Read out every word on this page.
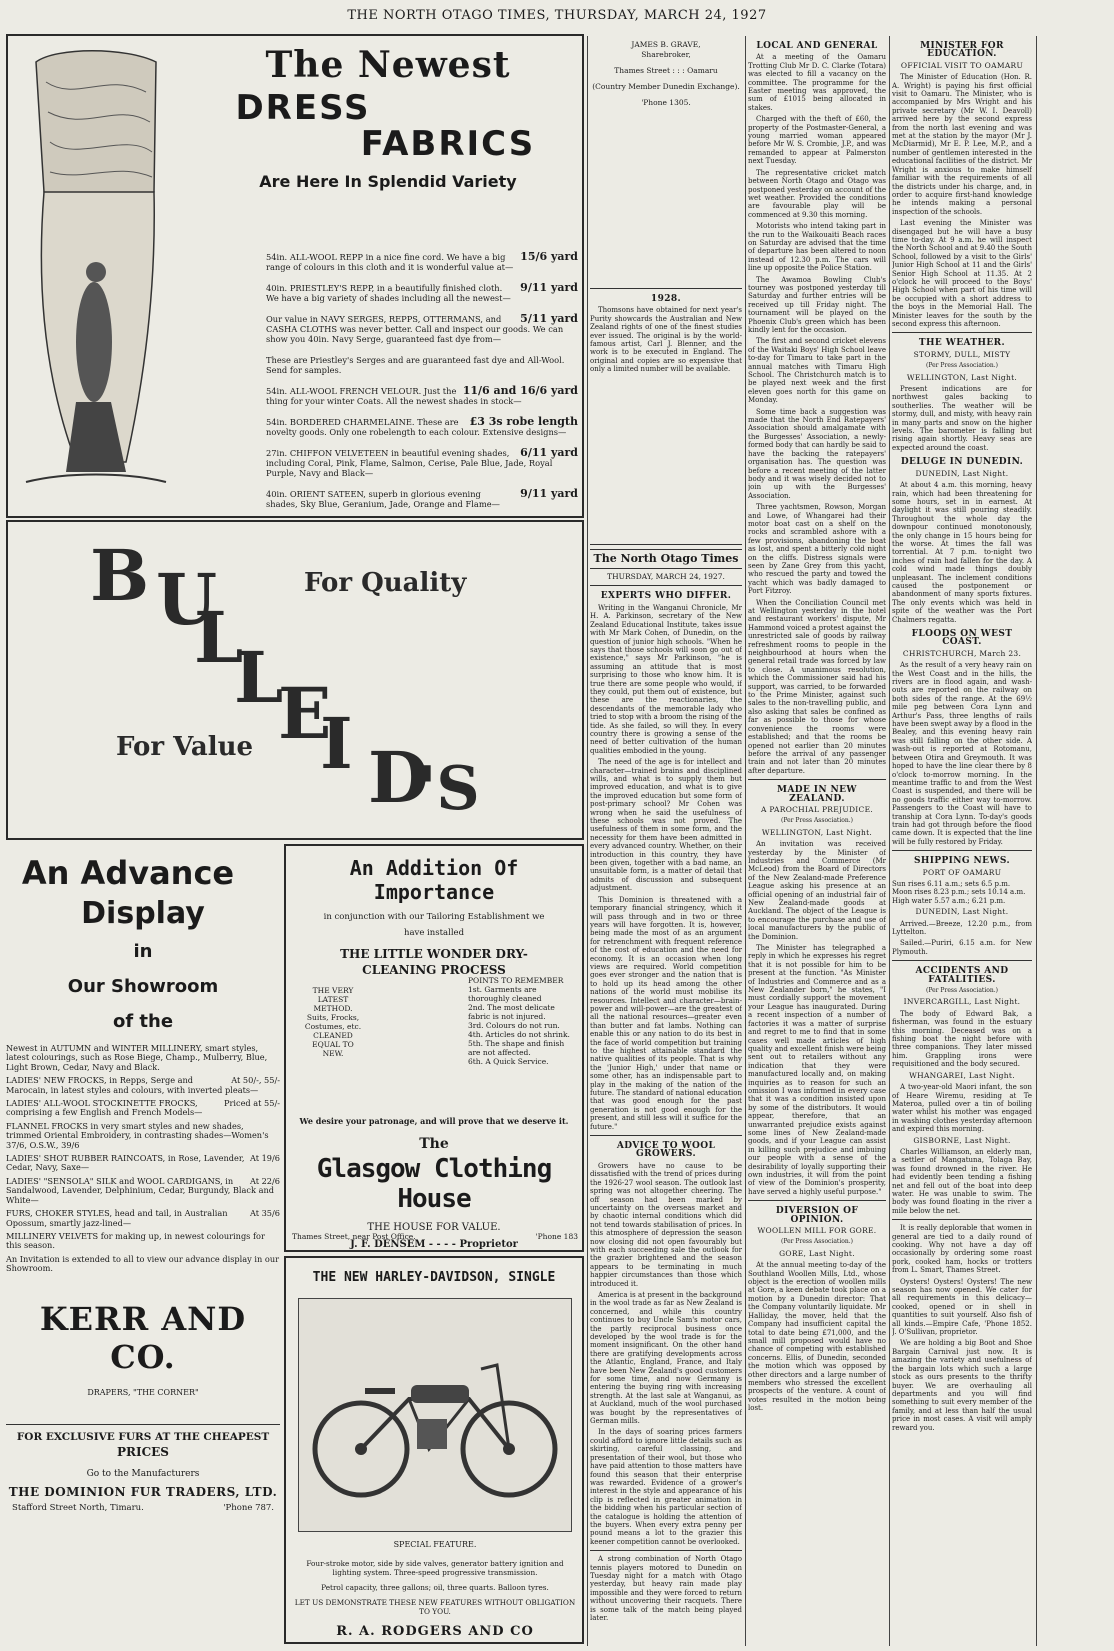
THE NORTH OTAGO TIMES, THURSDAY, MARCH 24, 1927
The Newest
DRESS
FABRICS
Are Here In Splendid Variety
15/6 yard
54in. ALL-WOOL REPP in a nice fine cord. We have a big range of colours in this cloth and it is wonderful value at—
9/11 yard
40in. PRIESTLEY'S REPP, in a beautifully finished cloth. We have a big variety of shades including all the newest—
5/11 yard
Our value in NAVY SERGES, REPPS, OTTERMANS, and CASHA CLOTHS was never better. Call and inspect our goods. We can show you 40in. Navy Serge, guaranteed fast dye from—
These are Priestley's Serges and are guaranteed fast dye and All-Wool. Send for samples.
11/6 and 16/6 yard
54in. ALL-WOOL FRENCH VELOUR. Just the thing for your winter Coats. All the newest shades in stock—
£3 3s robe length
54in. BORDERED CHARMELAINE. These are novelty goods. Only one robelength to each colour. Extensive designs—
6/11 yard
27in. CHIFFON VELVETEEN in beautiful evening shades, including Coral, Pink, Flame, Salmon, Cerise, Pale Blue, Jade, Royal Purple, Navy and Black—
9/11 yard
40in. ORIENT SATEEN, superb in glorious evening shades, Sky Blue, Geranium, Jade, Orange and Flame—
B U
L
L
E
I D
'S
For Quality
For Value
An Advance
Display
in
Our Showroom
of the
Newest in AUTUMN and WINTER MILLINERY, smart styles, latest colourings, such as Rose Biege, Champ., Mulberry, Blue, Light Brown, Cedar, Navy and Black.
At 50/-, 55/-
LADIES' NEW FROCKS, in Repps, Serge and Marocain, in latest styles and colours, with inverted pleats—
Priced at 55/-
LADIES' ALL-WOOL STOCKINETTE FROCKS, comprising a few English and French Models—
FLANNEL FROCKS in very smart styles and new shades, trimmed Oriental Embroidery, in contrasting shades—Women's 37/6, O.S.W., 39/6
At 19/6
LADIES' SHOT RUBBER RAINCOATS, in Rose, Lavender, Cedar, Navy, Saxe—
At 22/6
LADIES' "SENSOLA" SILK and WOOL CARDIGANS, in Sandalwood, Lavender, Delphinium, Cedar, Burgundy, Black and White—
At 35/6
FURS, CHOKER STYLES, head and tail, in Australian Opossum, smartly jazz-lined—
MILLINERY VELVETS for making up, in newest colourings for this season.
An Invitation is extended to all to view our advance display in our Showroom.
KERR AND CO.
DRAPERS, "THE CORNER"
FOR EXCLUSIVE FURS AT THE CHEAPEST
PRICES
Go to the Manufacturers
THE DOMINION FUR TRADERS, LTD.
Stafford Street North, Timaru.	'Phone 787.
An Addition Of Importance
in conjunction with our Tailoring Establishment we
have installed
THE LITTLE WONDER DRY-CLEANING PROCESS
THE VERY LATEST METHOD. Suits, Frocks, Costumes, etc. CLEANED EQUAL TO NEW.
POINTS TO REMEMBER
1st. Garments are thoroughly cleaned
2nd. The most delicate fabric is not injured.
3rd. Colours do not run.
4th. Articles do not shrink.
5th. The shape and finish are not affected.
6th. A Quick Service.
We desire your patronage, and will prove that we deserve it.
The
Glasgow Clothing House
THE HOUSE FOR VALUE.
J. F. DENSEM - - - - Proprietor
Thames Street, near Post Office.	'Phone 183
THE NEW HARLEY-DAVIDSON, SINGLE
SPECIAL FEATURE.
Four-stroke motor, side by side valves, generator battery ignition and lighting system. Three-speed progressive transmission.
Petrol capacity, three gallons; oil, three quarts. Balloon tyres.
LET US DEMONSTRATE THESE NEW FEATURES WITHOUT OBLIGATION TO YOU.
R. A. RODGERS AND CO
JAMES B. GRAVE,
Sharebroker,
Thames Street : : : Oamaru
(Country Member Dunedin Exchange).
'Phone 1305.
1928.

Thomsons have obtained for next year's Purity showcards the Australian and New Zealand rights of one of the finest studies ever issued. The original is by the world-famous artist, Carl J. Blenner, and the work is to be executed in England. The original and copies are so expensive that only a limited number will be available.

The North Otago Times
THURSDAY, MARCH 24, 1927.
EXPERTS WHO DIFFER.

Writing in the Wanganui Chronicle, Mr H. A. Parkinson, secretary of the New Zealand Educational Institute, takes issue with Mr Mark Cohen, of Dunedin, on the question of junior high schools. "When he says that those schools will soon go out of existence," says Mr Parkinson, "he is assuming an attitude that is most surprising to those who know him. It is true there are some people who would, if they could, put them out of existence, but these are the reactionaries, the descendants of the memorable lady who tried to stop with a broom the rising of the tide. As she failed, so will they. In every country there is growing a sense of the need of better cultivation of the human qualities embodied in the young.

The need of the age is for intellect and character—trained brains and disciplined wills, and what is to supply them but improved education, and what is to give the improved education but some form of post-primary school? Mr Cohen was wrong when he said the usefulness of these schools was not proved. The usefulness of them in some form, and the necessity for them have been admitted in every advanced country. Whether, on their introduction in this country, they have been given, together with a bad name, an unsuitable form, is a matter of detail that admits of discussion and subsequent adjustment.

This Dominion is threatened with a temporary financial stringency, which it will pass through and in two or three years will have forgotten. It is, however, being made the most of as an argument for retrenchment with frequent reference of the cost of education and the need for economy. It is an occasion when long views are required. World competition goes ever stronger and the nation that is to hold up its head among the other nations of the world must mobilise its resources. Intellect and character—brain-power and will-power—are the greatest of all the national resources—greater even than butter and fat lambs. Nothing can enable this or any nation to do its best in the face of world competition but training to the highest attainable standard the native qualities of its people. That is why the 'Junior High,' under that name or some other, has an indispensable part to play in the making of the nation of the future. The standard of national education that was good enough for the past generation is not good enough for the present, and still less will it suffice for the future."

ADVICE TO WOOL GROWERS.

Growers have no cause to be dissatisfied with the trend of prices during the 1926-27 wool season. The outlook last spring was not altogether cheering. The off season had been marked by uncertainty on the overseas market and by chaotic internal conditions which did not tend towards stabilisation of prices. In this atmosphere of depression the season now closing did not open favourably but with each succeeding sale the outlook for the grazier brightened and the season appears to be terminating in much happier circumstances than those which introduced it.

America is at present in the background in the wool trade as far as New Zealand is concerned, and while this country continues to buy Uncle Sam's motor cars, the partly reciprocal business once developed by the wool trade is for the moment insignificant. On the other hand there are gratifying developments across the Atlantic, England, France, and Italy have been New Zealand's good customers for some time, and now Germany is entering the buying ring with increasing strength. At the last sale at Wanganui, as at Auckland, much of the wool purchased was bought by the representatives of German mills.

In the days of soaring prices farmers could afford to ignore little details such as skirting, careful classing, and presentation of their wool, but those who have paid attention to those matters have found this season that their enterprise was rewarded. Evidence of a grower's interest in the style and appearance of his clip is reflected in greater animation in the bidding when his particular section of the catalogue is holding the attention of the buyers. When every extra penny per pound means a lot to the grazier this keener competition cannot be overlooked.

A strong combination of North Otago tennis players motored to Dunedin on Tuesday night for a match with Otago yesterday, but heavy rain made play impossible and they were forced to return without uncovering their racquets. There is some talk of the match being played later.

LOCAL AND GENERAL

At a meeting of the Oamaru Trotting Club Mr D. C. Clarke (Totara) was elected to fill a vacancy on the committee. The programme for the Easter meeting was approved, the sum of £1015 being allocated in stakes.

Charged with the theft of £60, the property of the Postmaster-General, a young married woman appeared before Mr W. S. Crombie, J.P., and was remanded to appear at Palmerston next Tuesday.

The representative cricket match between North Otago and Otago was postponed yesterday on account of the wet weather. Provided the conditions are favourable play will be commenced at 9.30 this morning.

Motorists who intend taking part in the run to the Waikouaiti Beach races on Saturday are advised that the time of departure has been altered to noon instead of 12.30 p.m. The cars will line up opposite the Police Station.

The Awamoa Bowling Club's tourney was postponed yesterday till Saturday and further entries will be received up till Friday night. The tournament will be played on the Phoenix Club's green which has been kindly lent for the occasion.

The first and second cricket elevens of the Waitaki Boys' High School leave to-day for Timaru to take part in the annual matches with Timaru High School. The Christchurch match is to be played next week and the first eleven goes north for this game on Monday.

Some time back a suggestion was made that the North End Ratepayers' Association should amalgamate with the Burgesses' Association, a newly-formed body that can hardly be said to have the backing the ratepayers' organisation has. The question was before a recent meeting of the latter body and it was wisely decided not to join up with the Burgesses' Association.

Three yachtsmen, Rowson, Morgan and Lowe, of Whangarei had their motor boat cast on a shelf on the rocks and scrambled ashore with a few provisions, abandoning the boat as lost, and spent a bitterly cold night on the cliffs. Distress signals were seen by Zane Grey from this yacht, who rescued the party and towed the yacht which was badly damaged to Port Fitzroy.

When the Conciliation Council met at Wellington yesterday in the hotel and restaurant workers' dispute, Mr Hammond voiced a protest against the unrestricted sale of goods by railway refreshment rooms to people in the neighbourhood at hours when the general retail trade was forced by law to close. A unanimous resolution, which the Commissioner said had his support, was carried, to be forwarded to the Prime Minister, against such sales to the non-travelling public, and also asking that sales be confined as far as possible to those for whose convenience the rooms were established; and that the rooms be opened not earlier than 20 minutes before the arrival of any passenger train and not later than 20 minutes after departure.

MADE IN NEW ZEALAND.
A PAROCHIAL PREJUDICE.
(Per Press Association.)
WELLINGTON, Last Night.

An invitation was received yesterday by the Minister of Industries and Commerce (Mr McLeod) from the Board of Directors of the New Zealand-made Preference League asking his presence at an official opening of an industrial fair of New Zealand-made goods at Auckland. The object of the League is to encourage the purchase and use of local manufacturers by the public of the Dominion.

The Minister has telegraphed a reply in which he expresses his regret that it is not possible for him to be present at the function. "As Minister of Industries and Commerce and as a New Zealander born," he states, "I must cordially support the movement your League has inaugurated. During a recent inspection of a number of factories it was a matter of surprise and regret to me to find that in some cases well made articles of high quality and excellent finish were being sent out to retailers without any indication that they were manufactured locally and, on making inquiries as to reason for such an omission I was informed in every case that it was a condition insisted upon by some of the distributors. It would appear, therefore, that an unwarranted prejudice exists against some lines of New Zealand-made goods, and if your League can assist in killing such prejudice and imbuing our people with a sense of the desirability of loyally supporting their own industries, it will from the point of view of the Dominion's prosperity, have served a highly useful purpose."

DIVERSION OF OPINION.
WOOLLEN MILL FOR GORE.
(Per Press Association.)
GORE, Last Night.

At the annual meeting to-day of the Southland Woollen Mills, Ltd., whose object is the erection of woollen mills at Gore, a keen debate took place on a motion by a Dunedin director: That the Company voluntarily liquidate. Mr Halliday, the mover, held that the Company had insufficient capital the total to date being £71,000, and the small mill proposed would have no chance of competing with established concerns. Ellis, of Dunedin, seconded the motion which was opposed by other directors and a large number of members who stressed the excellent prospects of the venture. A count of votes resulted in the motion being lost.

MINISTER FOR EDUCATION.
OFFICIAL VISIT TO OAMARU

The Minister of Education (Hon. R. A. Wright) is paying his first official visit to Oamaru. The Minister, who is accompanied by Mrs Wright and his private secretary (Mr W. I. Deavoll) arrived here by the second express from the north last evening and was met at the station by the mayor (Mr J. McDiarmid), Mr E. P. Lee, M.P., and a number of gentlemen interested in the educational facilities of the district. Mr Wright is anxious to make himself familiar with the requirements of all the districts under his charge, and, in order to acquire first-hand knowledge he intends making a personal inspection of the schools.

Last evening the Minister was disengaged but he will have a busy time to-day. At 9 a.m. he will inspect the North School and at 9.40 the South School, followed by a visit to the Girls' Junior High School at 11 and the Girls' Senior High School at 11.35. At 2 o'clock he will proceed to the Boys' High School when part of his time will be occupied with a short address to the boys in the Memorial Hall. The Minister leaves for the south by the second express this afternoon.

THE WEATHER.
STORMY, DULL, MISTY
(Per Press Association.)
WELLINGTON, Last Night.

Present indications are for northwest gales backing to southerlies. The weather will be stormy, dull, and misty, with heavy rain in many parts and snow on the higher levels. The barometer is falling but rising again shortly. Heavy seas are expected around the coast.

DELUGE IN DUNEDIN.
DUNEDIN, Last Night.

At about 4 a.m. this morning, heavy rain, which had been threatening for some hours, set in in earnest. At daylight it was still pouring steadily. Throughout the whole day the downpour continued monotonously, the only change in 15 hours being for the worse. At times the fall was torrential. At 7 p.m. to-night two inches of rain had fallen for the day. A cold wind made things doubly unpleasant. The inclement conditions caused the postponement or abandonment of many sports fixtures. The only events which was held in spite of the weather was the Port Chalmers regatta.

FLOODS ON WEST COAST.
CHRISTCHURCH, March 23.

As the result of a very heavy rain on the West Coast and in the hills, the rivers are in flood again, and wash-outs are reported on the railway on both sides of the range. At the 69½ mile peg between Cora Lynn and Arthur's Pass, three lengths of rails have been swept away by a flood in the Bealey, and this evening heavy rain was still falling on the other side. A wash-out is reported at Rotomanu, between Otira and Greymouth. It was hoped to have the line clear there by 8 o'clock to-morrow morning. In the meantime traffic to and from the West Coast is suspended, and there will be no goods traffic either way to-morrow. Passengers to the Coast will have to tranship at Cora Lynn. To-day's goods train had got through before the flood came down. It is expected that the line will be fully restored by Friday.

SHIPPING NEWS.
PORT OF OAMARU
Sun rises 6.11 a.m.; sets 6.5 p.m.
Moon rises 8.23 p.m.; sets 10.14 a.m.
High water 5.57 a.m.; 6.21 p.m.
DUNEDIN, Last Night.

Arrived.—Breeze, 12.20 p.m., from Lyttelton.

Sailed.—Puriri, 6.15 a.m. for New Plymouth.

ACCIDENTS AND FATALITIES.
(Per Press Association.)
INVERCARGILL, Last Night.

The body of Edward Bak, a fisherman, was found in the estuary this morning. Deceased was on a fishing boat the night before with three companions. They later missed him. Grappling irons were requisitioned and the body secured.

WHANGAREI, Last Night.

A two-year-old Maori infant, the son of Heare Wiremu, residing at Te Materoa, pulled over a tin of boiling water whilst his mother was engaged in washing clothes yesterday afternoon and expired this morning.

GISBORNE, Last Night.

Charles Williamson, an elderly man, a settler of Mangatuna, Tolaga Bay, was found drowned in the river. He had evidently been tending a fishing net and fell out of the boat into deep water. He was unable to swim. The body was found floating in the river a mile below the net.

It is really deplorable that women in general are tied to a daily round of cooking. Why not have a day off occasionally by ordering some roast pork, cooked ham, hocks or trotters from L. Smart, Thames Street.

Oysters! Oysters! Oysters! The new season has now opened. We cater for all requirements in this delicacy—cooked, opened or in shell in quantities to suit yourself. Also fish of all kinds.—Empire Cafe, 'Phone 1852. J. O'Sullivan, proprietor.

We are holding a big Boot and Shoe Bargain Carnival just now. It is amazing the variety and usefulness of the bargain lots which such a large stock as ours presents to the thrifty buyer. We are overhauling all departments and you will find something to suit every member of the family, and at less than half the usual price in most cases. A visit will amply reward you.
